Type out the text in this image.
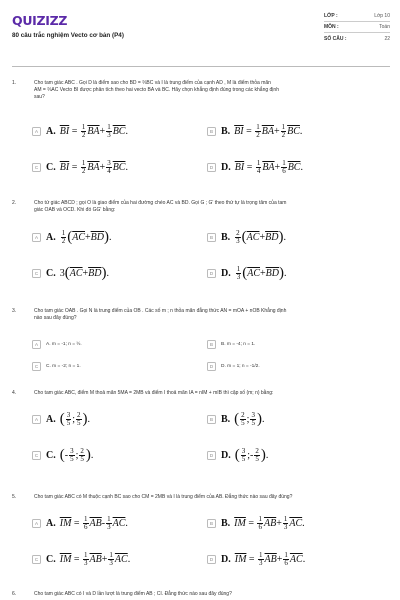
QUIZIZZ
80 câu trắc nghiệm Vecto cơ bản (P4)
LỚP :	Lớp 10
MÔN :	Toán
SỐ CÂU :	22
1.	Cho tam giác ABC . Gọi D là điểm sao cho BD = ⅔BC và I là trung điểm của cạnh AD , M là điểm thỏa mãn
AM = ⅔AC Vecto BI được phân tích theo hai vecto BA và BC. Hãy chọn khẳng định đúng trong các khẳng định
sau?
A A. $\overline{BI} = \frac{1}{2} \overline{BA} + \frac{1}{3} \overline{BC}$ .	B B. $\overline{BI} = \frac{1}{2} \overline{BA} + \frac{1}{2} \overline{BC}$ .
C C. $\overline{BI} = \frac{1}{2} \overline{BA} + \frac{3}{4} \overline{BC}$ .	D D. $\overline{BI} = \frac{1}{4} \overline{BA} + \frac{1}{6} \overline{BC}$ .
2.	Cho tứ giác ABCD ; gọi O là giao điểm của hai đường chéo AC và BD. Gọi G ; G' theo thứ tự là trọng tâm của tam
giác OAB và OCD. Khi đó GG' bằng:
A A. $\frac{1}{2}$ ( $\overline{AC} + \overline{BD}$ ) .	B B. $\frac{2}{3}$ ( $\overline{AC} + \overline{BD}$ ) .
C C. 3 ( $\overline{AC} + \overline{BD}$ ) .	D D. $\frac{1}{3}$ ( $\overline{AC} + \overline{BD}$ ) .
3.	Cho tam giác OAB . Gọi N là trung điểm của OB . Các số m ; n thỏa mãn đẳng thức AN = mOA + nOB Khẳng định
nào sau đây đúng?
A	A. m = -1; n = ½.	B	B. m = -4; n = 1.
C	C. m = -2; n = 1.	D	D. m = 1; n = -1/2.
4.	Cho tam giác ABC, điểm M thoả mãn 5MA = 2MB và điểm I thoả mãn IA = nIM + mIB thì cặp số (m; n) bằng:
A A. ( $\frac{3}{5}$ ; $\frac{2}{5}$ ) .	B B. ( $\frac{2}{5}$ ; $\frac{3}{5}$ ) .
C C. ( - $\frac{3}{5}$ ; $\frac{2}{5}$ ) .	D D. ( $\frac{3}{5}$ ; - $\frac{2}{5}$ ) .
5.	Cho tam giác ABC có M thuộc cạnh BC sao cho CM = 2MB và I là trung điểm của AB. Đẳng thức nào sau đây đúng?
A A. $\overline{IM} = \frac{1}{6} \overline{AB} - \frac{1}{3} \overline{AC}$ .	B B. $\overline{IM} = \frac{1}{6} \overline{AB} + \frac{1}{3} \overline{AC}$ .
C C. $\overline{IM} = \frac{1}{3} \overline{AB} + \frac{1}{3} \overline{AC}$ .	D D. $\overline{IM} = \frac{1}{3} \overline{AB} + \frac{1}{6} \overline{AC}$ .
6.	Cho tam giác ABC có I và D lần lượt là trung điểm AB ; CI. Đẳng thức nào sau đây đúng?
